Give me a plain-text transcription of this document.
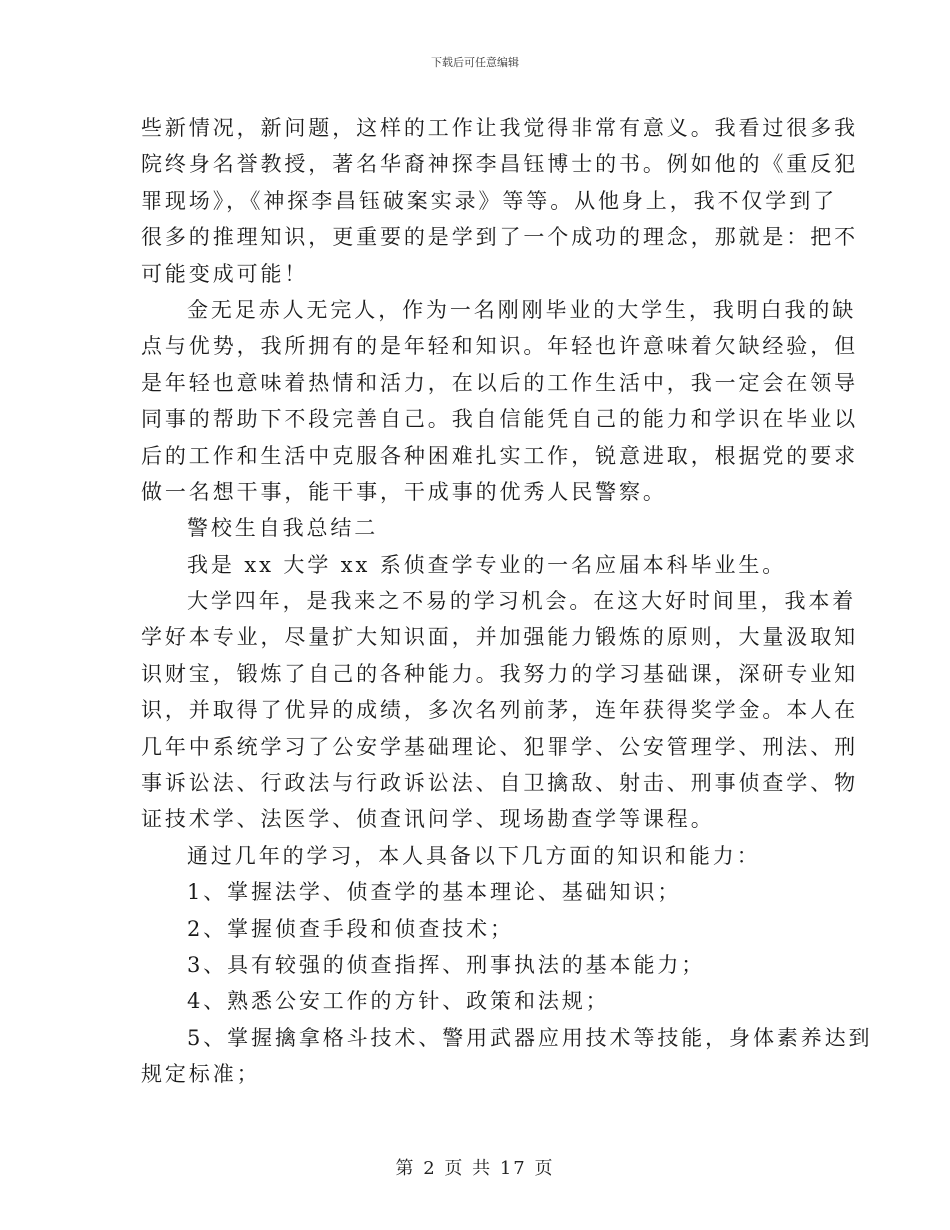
下载后可任意编辑
些新情况，新问题，这样的工作让我觉得非常有意义。我看过很多我
院终身名誉教授，著名华裔神探李昌钰博士的书。例如他的《重反犯
罪现场》，《神探李昌钰破案实录》等等。从他身上，我不仅学到了
很多的推理知识，更重要的是学到了一个成功的理念，那就是：把不
可能变成可能！
金无足赤人无完人，作为一名刚刚毕业的大学生，我明白我的缺
点与优势，我所拥有的是年轻和知识。年轻也许意味着欠缺经验，但
是年轻也意味着热情和活力，在以后的工作生活中，我一定会在领导
同事的帮助下不段完善自己。我自信能凭自己的能力和学识在毕业以
后的工作和生活中克服各种困难扎实工作，锐意进取，根据党的要求
做一名想干事，能干事，干成事的优秀人民警察。
警校生自我总结二
我是 xx 大学 xx 系侦查学专业的一名应届本科毕业生。
大学四年，是我来之不易的学习机会。在这大好时间里，我本着
学好本专业，尽量扩大知识面，并加强能力锻炼的原则，大量汲取知
识财宝，锻炼了自己的各种能力。我努力的学习基础课，深研专业知
识，并取得了优异的成绩，多次名列前茅，连年获得奖学金。本人在
几年中系统学习了公安学基础理论、犯罪学、公安管理学、刑法、刑
事诉讼法、行政法与行政诉讼法、自卫擒敌、射击、刑事侦查学、物
证技术学、法医学、侦查讯问学、现场勘查学等课程。
通过几年的学习，本人具备以下几方面的知识和能力：
1、掌握法学、侦查学的基本理论、基础知识；
2、掌握侦查手段和侦查技术；
3、具有较强的侦查指挥、刑事执法的基本能力；
4、熟悉公安工作的方针、政策和法规；
5、掌握擒拿格斗技术、警用武器应用技术等技能，身体素养达到
规定标准；
第 2 页 共 17 页
